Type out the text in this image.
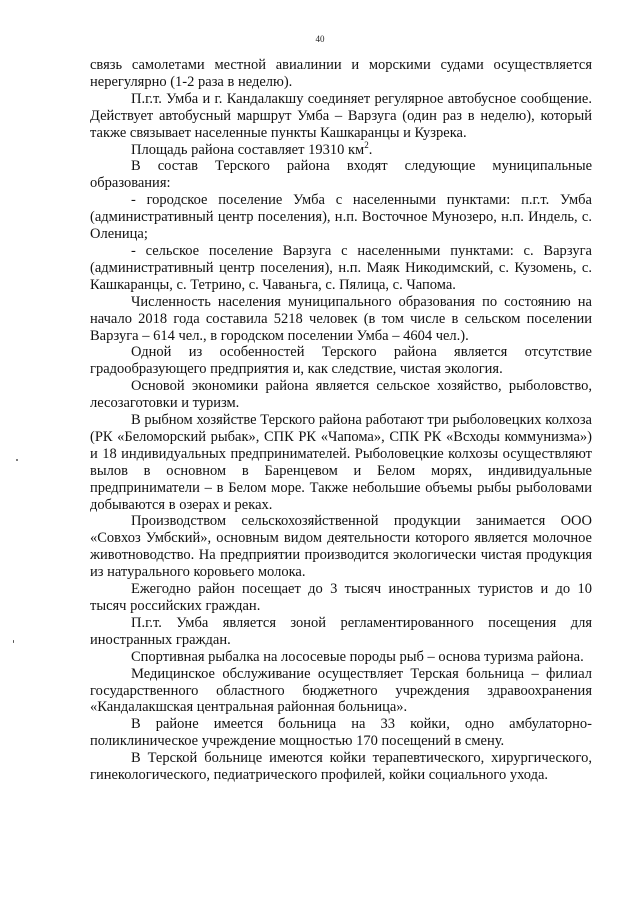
40

связь самолетами местной авиалинии и морскими судами осуществляется нерегулярно (1-2 раза в неделю).

П.г.т. Умба и г. Кандалакшу соединяет регулярное автобусное сообщение. Действует автобусный маршрут Умба – Варзуга (один раз в неделю), который также связывает населенные пункты Кашкаранцы и Кузрека.

Площадь района составляет 19310 $км^2$.

В состав Терского района входят следующие муниципальные образования:

- городское поселение Умба с населенными пунктами: п.г.т. Умба (административный центр поселения), н.п. Восточное Мунозеро, н.п. Индель, с. Оленица;

- сельское поселение Варзуга с населенными пунктами: с. Варзуга (административный центр поселения), н.п. Маяк Никодимский, с. Кузомень, с. Кашкаранцы, с. Тетрино, с. Чаваньга, с. Пялица, с. Чапома.

Численность населения муниципального образования по состоянию на начало 2018 года составила 5218 человек (в том числе в сельском поселении Варзуга – 614 чел., в городском поселении Умба – 4604 чел.).

Одной из особенностей Терского района является отсутствие градообразующего предприятия и, как следствие, чистая экология.

Основой экономики района является сельское хозяйство, рыболовство, лесозаготовки и туризм.

В рыбном хозяйстве Терского района работают три рыболовецких колхоза (РК «Беломорский рыбак», СПК РК «Чапома», СПК РК «Всходы коммунизма») и 18 индивидуальных предпринимателей. Рыболовецкие колхозы осуществляют вылов в основном в Баренцевом и Белом морях, индивидуальные предприниматели – в Белом море. Также небольшие объемы рыбы рыболовами добываются в озерах и реках.

Производством сельскохозяйственной продукции занимается ООО «Совхоз Умбский», основным видом деятельности которого является молочное животноводство. На предприятии производится экологически чистая продукция из натурального коровьего молока.

Ежегодно район посещает до 3 тысяч иностранных туристов и до 10 тысяч российских граждан.

П.г.т. Умба является зоной регламентированного посещения для иностранных граждан.

Спортивная рыбалка на лососевые породы рыб – основа туризма района.

Медицинское обслуживание осуществляет Терская больница – филиал государственного областного бюджетного учреждения здравоохранения «Кандалакшская центральная районная больница».

В районе имеется больница на 33 койки, одно амбулаторно-поликлиническое учреждение мощностью 170 посещений в смену.

В Терской больнице имеются койки терапевтического, хирургического, гинекологического, педиатрического профилей, койки социального ухода.
